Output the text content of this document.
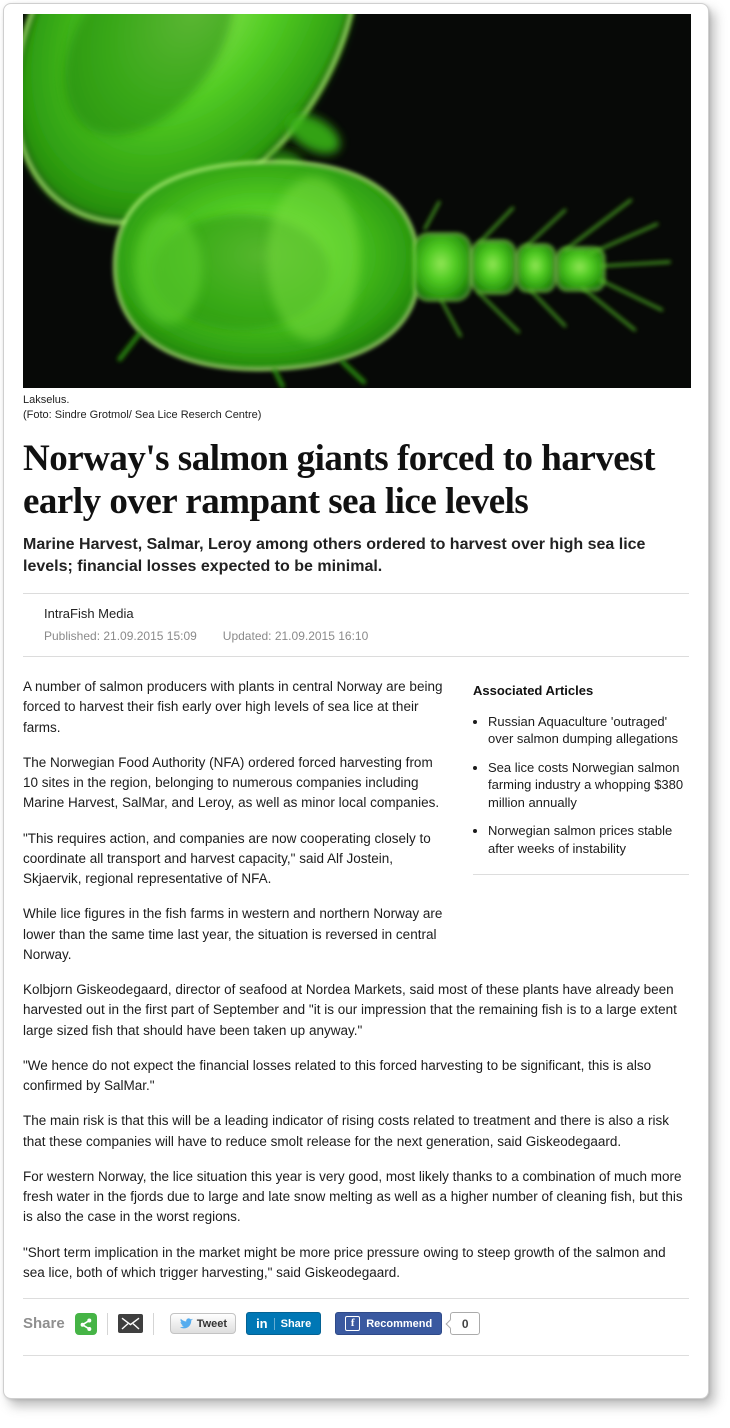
Lakselus.
(Foto: Sindre Grotmol/ Sea Lice Reserch Centre)
Norway's salmon giants forced to harvest early over rampant sea lice levels

Marine Harvest, Salmar, Leroy among others ordered to harvest over high sea lice levels; financial losses expected to be minimal.

IntraFish Media
Published: 21.09.2015 15:09 Updated: 21.09.2015 16:10
Associated Articles
• Russian Aquaculture 'outraged' over salmon dumping allegations
• Sea lice costs Norwegian salmon farming industry a whopping $380 million annually
• Norwegian salmon prices stable after weeks of instability

A number of salmon producers with plants in central Norway are being forced to harvest their fish early over high levels of sea lice at their farms.

The Norwegian Food Authority (NFA) ordered forced harvesting from 10 sites in the region, belonging to numerous companies including Marine Harvest, SalMar, and Leroy, as well as minor local companies.

"This requires action, and companies are now cooperating closely to coordinate all transport and harvest capacity," said Alf Jostein, Skjaervik, regional representative of NFA.

While lice figures in the fish farms in western and northern Norway are lower than the same time last year, the situation is reversed in central Norway.

Kolbjorn Giskeodegaard, director of seafood at Nordea Markets, said most of these plants have already been harvested out in the first part of September and "it is our impression that the remaining fish is to a large extent large sized fish that should have been taken up anyway."

"We hence do not expect the financial losses related to this forced harvesting to be significant, this is also confirmed by SalMar."

The main risk is that this will be a leading indicator of rising costs related to treatment and there is also a risk that these companies will have to reduce smolt release for the next generation, said Giskeodegaard.

For western Norway, the lice situation this year is very good, most likely thanks to a combination of much more fresh water in the fjords due to large and late snow melting as well as a higher number of cleaning fish, but this is also the case in the worst regions.

"Short term implication in the market might be more price pressure owing to steep growth of the salmon and sea lice, both of which trigger harvesting," said Giskeodegaard.

Share	Tweet in Share	f	Recommend	0
